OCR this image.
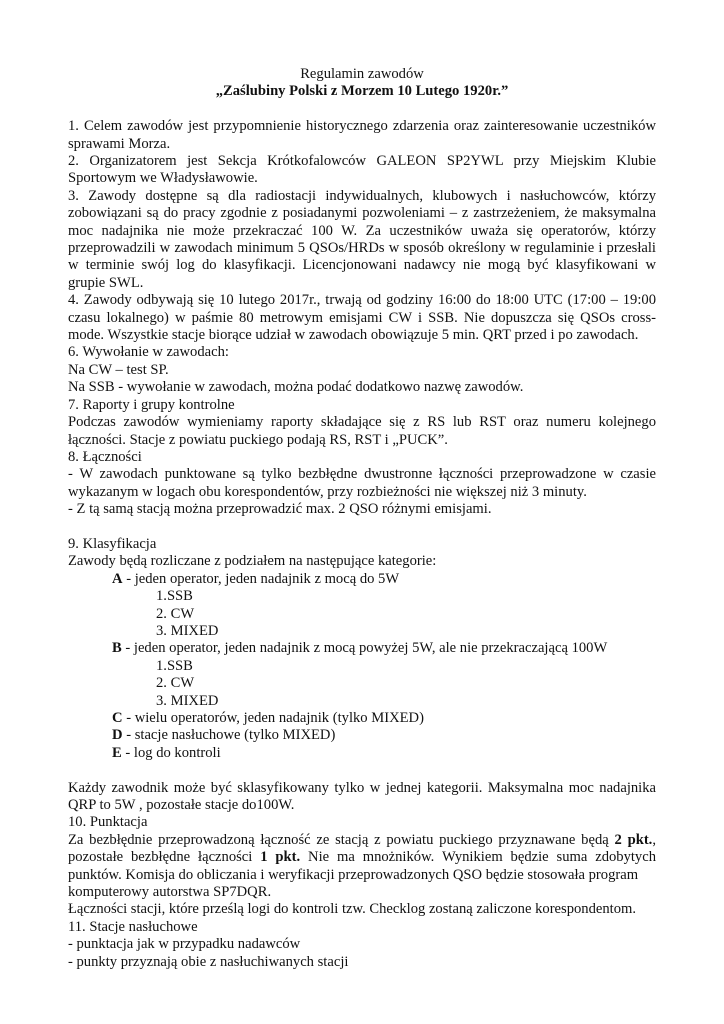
Regulamin zawodów
„Zaślubiny Polski z Morzem 10 Lutego 1920r.”
1. Celem zawodów jest przypomnienie historycznego zdarzenia oraz zainteresowanie uczestników
sprawami Morza.
2. Organizatorem jest Sekcja Krótkofalowców GALEON SP2YWL przy Miejskim Klubie
Sportowym we Władysławowie.
3. Zawody dostępne są dla radiostacji indywidualnych, klubowych i nasłuchowców, którzy
zobowiązani są do pracy zgodnie z posiadanymi pozwoleniami – z zastrzeżeniem, że maksymalna
moc nadajnika nie może przekraczać 100 W. Za uczestników uważa się operatorów, którzy
przeprowadzili w zawodach minimum 5 QSOs/HRDs w sposób określony w regulaminie i przesłali
w terminie swój log do klasyfikacji. Licencjonowani nadawcy nie mogą być klasyfikowani w
grupie SWL.
4. Zawody odbywają się 10 lutego 2017r., trwają od godziny 16:00 do 18:00 UTC (17:00 – 19:00
czasu lokalnego) w paśmie 80 metrowym emisjami CW i SSB. Nie dopuszcza się QSOs cross-
mode. Wszystkie stacje biorące udział w zawodach obowiązuje 5 min. QRT przed i po zawodach.
6. Wywołanie w zawodach:
Na CW – test SP.
Na SSB - wywołanie w zawodach, można podać dodatkowo nazwę zawodów.
7. Raporty i grupy kontrolne
Podczas zawodów wymieniamy raporty składające się z RS lub RST oraz numeru kolejnego
łączności. Stacje z powiatu puckiego podają RS, RST i „PUCK”.
8. Łączności
- W zawodach punktowane są tylko bezbłędne dwustronne łączności przeprowadzone w czasie
wykazanym w logach obu korespondentów, przy rozbieżności nie większej niż 3 minuty.
- Z tą samą stacją można przeprowadzić max. 2 QSO różnymi emisjami.
9. Klasyfikacja
Zawody będą rozliczane z podziałem na następujące kategorie:
A - jeden operator, jeden nadajnik z mocą do 5W
1.SSB
2. CW
3. MIXED
B - jeden operator, jeden nadajnik z mocą powyżej 5W, ale nie przekraczającą 100W
1.SSB
2. CW
3. MIXED
C - wielu operatorów, jeden nadajnik (tylko MIXED)
D - stacje nasłuchowe (tylko MIXED)
E - log do kontroli
Każdy zawodnik może być sklasyfikowany tylko w jednej kategorii. Maksymalna moc nadajnika
QRP to 5W , pozostałe stacje do100W.
10. Punktacja
Za bezbłędnie przeprowadzoną łączność ze stacją z powiatu puckiego przyznawane będą 2 pkt.,
pozostałe bezbłędne łączności 1 pkt. Nie ma mnożników. Wynikiem będzie suma zdobytych
punktów. Komisja do obliczania i weryfikacji przeprowadzonych QSO będzie stosowała program
komputerowy autorstwa SP7DQR.
Łączności stacji, które prześlą logi do kontroli tzw. Checklog zostaną zaliczone korespondentom.
11. Stacje nasłuchowe
- punktacja jak w przypadku nadawców
- punkty przyznają obie z nasłuchiwanych stacji
